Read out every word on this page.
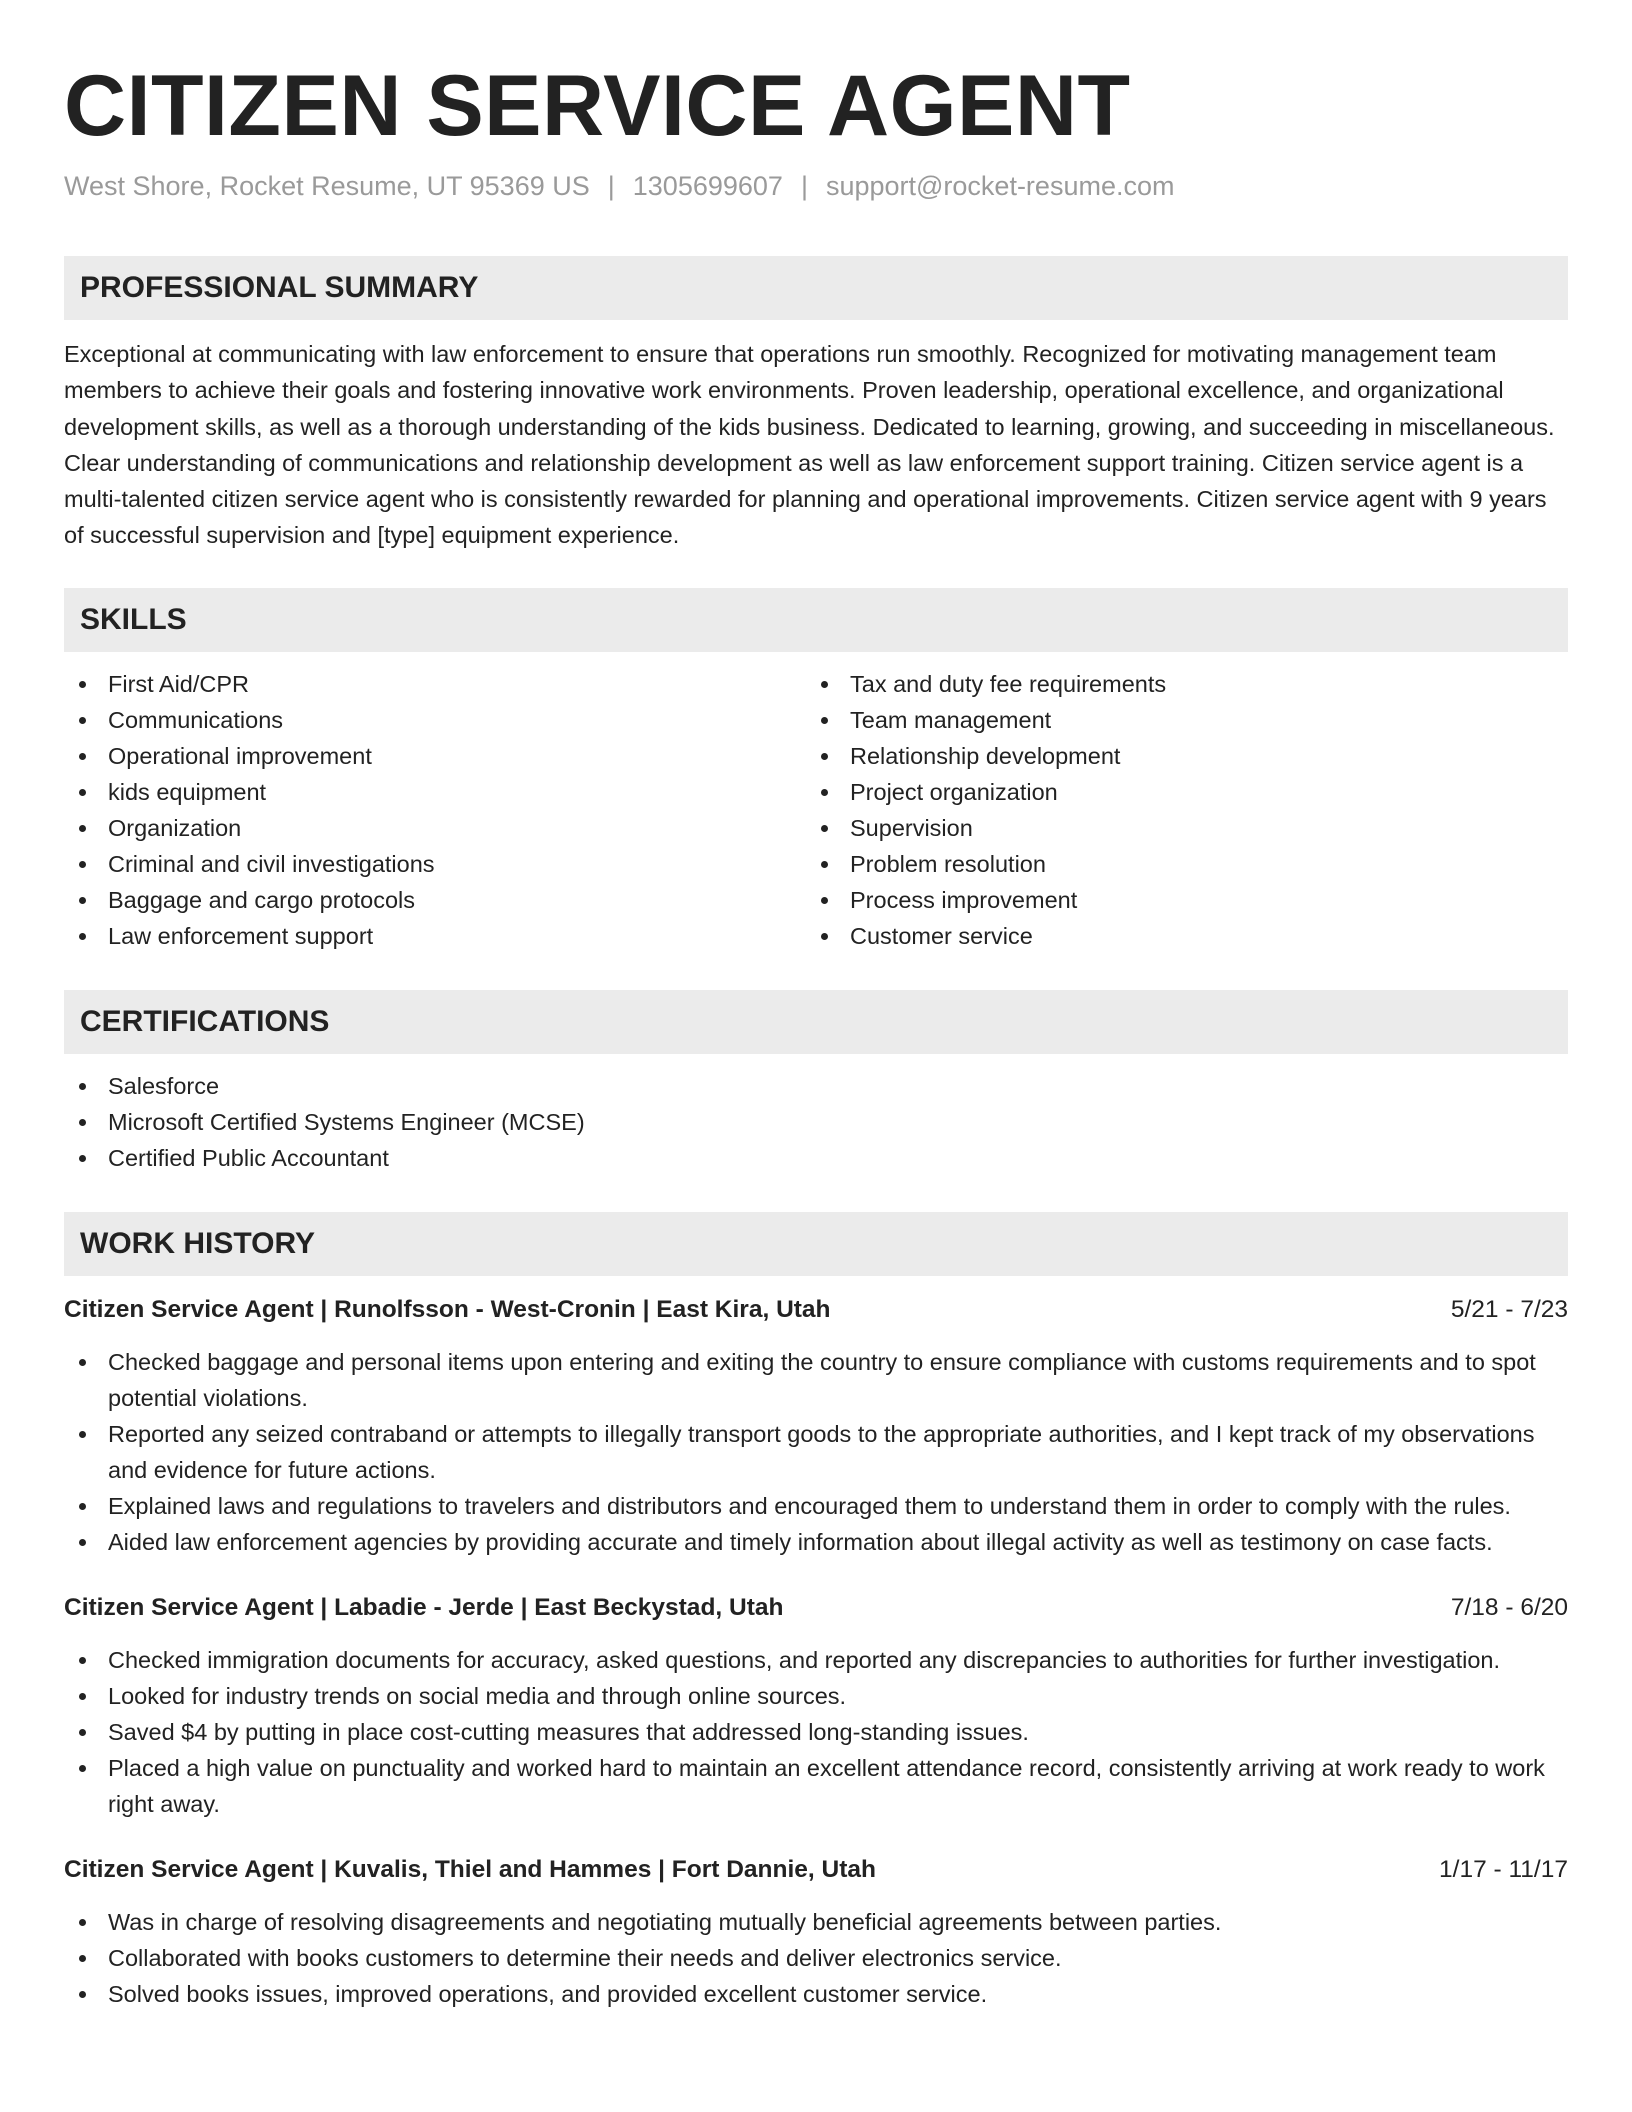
CITIZEN SERVICE AGENT
West Shore, Rocket Resume, UT 95369 US | 1305699607 | support@rocket-resume.com
PROFESSIONAL SUMMARY

Exceptional at communicating with law enforcement to ensure that operations run smoothly. Recognized for motivating management team members to achieve their goals and fostering innovative work environments. Proven leadership, operational excellence, and organizational development skills, as well as a thorough understanding of the kids business. Dedicated to learning, growing, and succeeding in miscellaneous. Clear understanding of communications and relationship development as well as law enforcement support training. Citizen service agent is a multi-talented citizen service agent who is consistently rewarded for planning and operational improvements. Citizen service agent with 9 years of successful supervision and [type] equipment experience.

SKILLS
First Aid/CPR
Communications
Operational improvement
kids equipment
Organization
Criminal and civil investigations
Baggage and cargo protocols
Law enforcement support
Tax and duty fee requirements
Team management
Relationship development
Project organization
Supervision
Problem resolution
Process improvement
Customer service
CERTIFICATIONS
Salesforce
Microsoft Certified Systems Engineer (MCSE)
Certified Public Accountant
WORK HISTORY
Citizen Service Agent | Runolfsson - West-Cronin | East Kira, Utah	5/21 - 7/23
Checked baggage and personal items upon entering and exiting the country to ensure compliance with customs requirements and to spot potential violations.
Reported any seized contraband or attempts to illegally transport goods to the appropriate authorities, and I kept track of my observations and evidence for future actions.
Explained laws and regulations to travelers and distributors and encouraged them to understand them in order to comply with the rules.
Aided law enforcement agencies by providing accurate and timely information about illegal activity as well as testimony on case facts.
Citizen Service Agent | Labadie - Jerde | East Beckystad, Utah	7/18 - 6/20
Checked immigration documents for accuracy, asked questions, and reported any discrepancies to authorities for further investigation.
Looked for industry trends on social media and through online sources.
Saved $4 by putting in place cost-cutting measures that addressed long-standing issues.
Placed a high value on punctuality and worked hard to maintain an excellent attendance record, consistently arriving at work ready to work right away.
Citizen Service Agent | Kuvalis, Thiel and Hammes | Fort Dannie, Utah	1/17 - 11/17
Was in charge of resolving disagreements and negotiating mutually beneficial agreements between parties.
Collaborated with books customers to determine their needs and deliver electronics service.
Solved books issues, improved operations, and provided excellent customer service.
